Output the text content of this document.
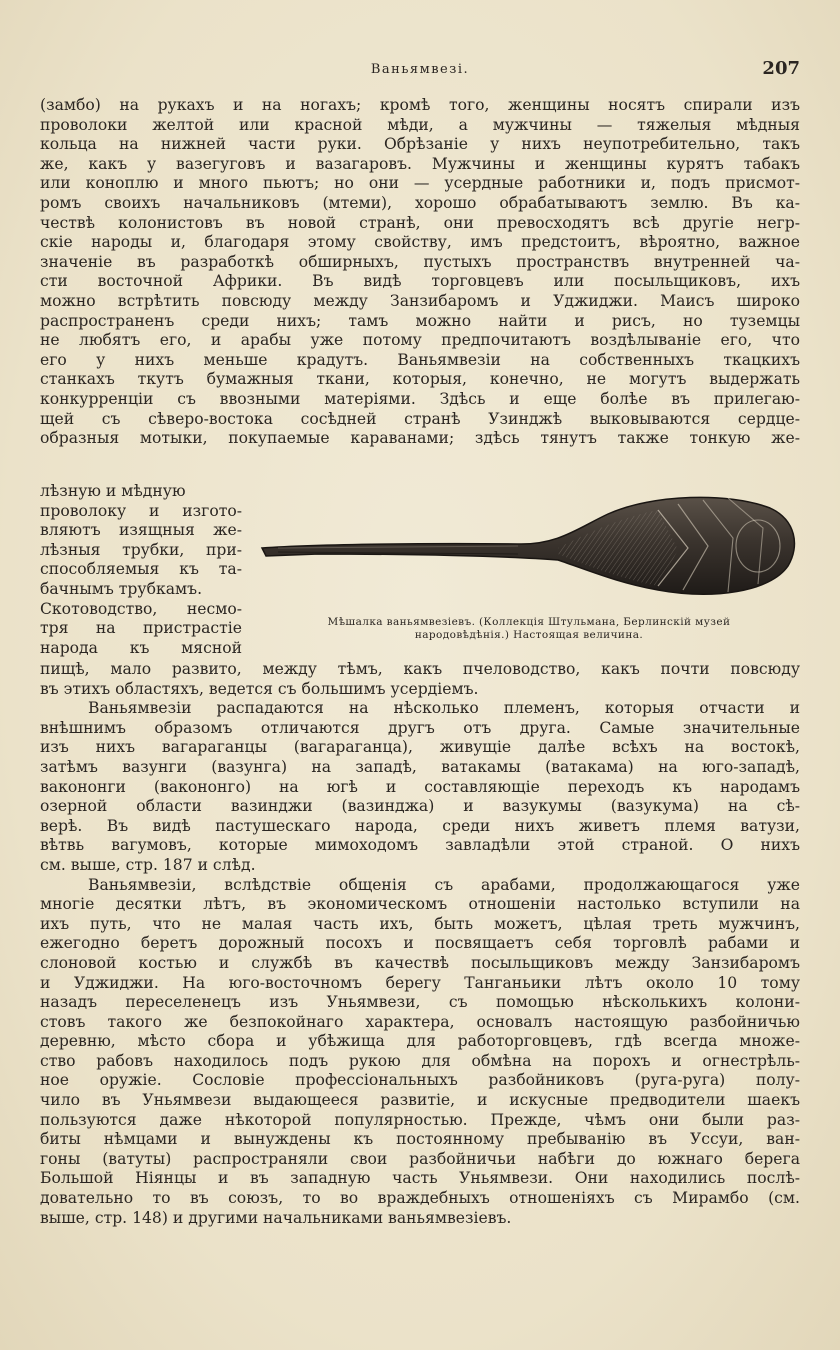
Ваньямвезі.	207
(замбо) на рукахъ и на ногахъ; кромѣ того, женщины носятъ спирали изъ
проволоки желтой или красной мѣди, а мужчины — тяжелыя мѣдныя
кольца на нижней части руки. Обрѣзаніе у нихъ неупотребительно, такъ
же, какъ у вазегуговъ и вазагаровъ. Мужчины и женщины курятъ табакъ
или коноплю и много пьютъ; но они — усердные работники и, подъ присмот-
ромъ своихъ начальниковъ (мтеми), хорошо обрабатываютъ землю. Въ ка-
чествѣ колонистовъ въ новой странѣ, они превосходятъ всѣ другіе негр-
скіе народы и, благодаря этому свойству, имъ предстоитъ, вѣроятно, важное
значеніе въ разработкѣ обширныхъ, пустыхъ пространствъ внутренней ча-
сти восточной Африки. Въ видѣ торговцевъ или посыльщиковъ, ихъ
можно встрѣтить повсюду между Занзибаромъ и Уджиджи. Маисъ широко
распространенъ среди нихъ; тамъ можно найти и рисъ, но туземцы
не любятъ его, и арабы уже потому предпочитаютъ воздѣлываніе его, что
его у нихъ меньше крадутъ. Ваньямвезіи на собственныхъ ткацкихъ
станкахъ ткутъ бумажныя ткани, которыя, конечно, не могутъ выдержать
конкурренціи съ ввозными матеріями. Здѣсь и еще болѣе въ прилегаю-
щей съ сѣверо-востока сосѣдней странѣ Узинджѣ выковываются сердце-
образныя мотыки, покупаемые караванами; здѣсь тянутъ также тонкую же-
лѣзную и мѣдную
проволоку и изгото-
вляютъ изящныя же-
лѣзныя трубки, при-
способляемыя къ та-
бачнымъ трубкамъ.
Скотоводство, несмо-
тря на пристрастіе
народа къ мясной
Мѣшалка ваньямвезіевъ. (Коллекція Штульмана, Берлинскій музей
народовѣдѣнія.) Настоящая величина.
пищѣ, мало развито, между тѣмъ, какъ пчеловодство, какъ почти повсюду
въ этихъ областяхъ, ведется съ большимъ усердіемъ.
Ваньямвезіи распадаются на нѣсколько племенъ, которыя отчасти и
внѣшнимъ образомъ отличаются другъ отъ друга. Самые значительные
изъ нихъ вагараганцы (вагараганца), живущіе далѣе всѣхъ на востокѣ,
затѣмъ вазунги (вазунга) на западѣ, ватакамы (ватакама) на юго-западѣ,
вакононги (вакононго) на югѣ и составляющіе переходъ къ народамъ
озерной области вазинджи (вазинджа) и вазукумы (вазукума) на сѣ-
верѣ. Въ видѣ пастушескаго народа, среди нихъ живетъ племя ватузи,
вѣтвь вагумовъ, которые мимоходомъ завладѣли этой страной. О нихъ
см. выше, стр. 187 и слѣд.
Ваньямвезіи, вслѣдствіе общенія съ арабами, продолжающагося уже
многіе десятки лѣтъ, въ экономическомъ отношеніи настолько вступили на
ихъ путь, что не малая часть ихъ, быть можетъ, цѣлая треть мужчинъ,
ежегодно беретъ дорожный посохъ и посвящаетъ себя торговлѣ рабами и
слоновой костью и службѣ въ качествѣ посыльщиковъ между Занзибаромъ
и Уджиджи. На юго-восточномъ берегу Танганьики лѣтъ около 10 тому
назадъ переселенецъ изъ Уньямвези, съ помощью нѣсколькихъ колони-
стовъ такого же безпокойнаго характера, основалъ настоящую разбойничью
деревню, мѣсто сбора и убѣжища для работорговцевъ, гдѣ всегда множе-
ство рабовъ находилось подъ рукою для обмѣна на порохъ и огнестрѣль-
ное оружіе. Сословіе профессіональныхъ разбойниковъ (руга-руга) полу-
чило въ Уньямвези выдающееся развитіе, и искусные предводители шаекъ
пользуются даже нѣкоторой популярностью. Прежде, чѣмъ они были раз-
биты нѣмцами и вынуждены къ постоянному пребыванію въ Уссуи, ван-
гоны (ватуты) распространяли свои разбойничьи набѣги до южнаго берега
Большой Ніянцы и въ западную часть Уньямвези. Они находились послѣ-
довательно то въ союзъ, то во враждебныхъ отношеніяхъ съ Мирамбо (см.
выше, стр. 148) и другими начальниками ваньямвезіевъ.
